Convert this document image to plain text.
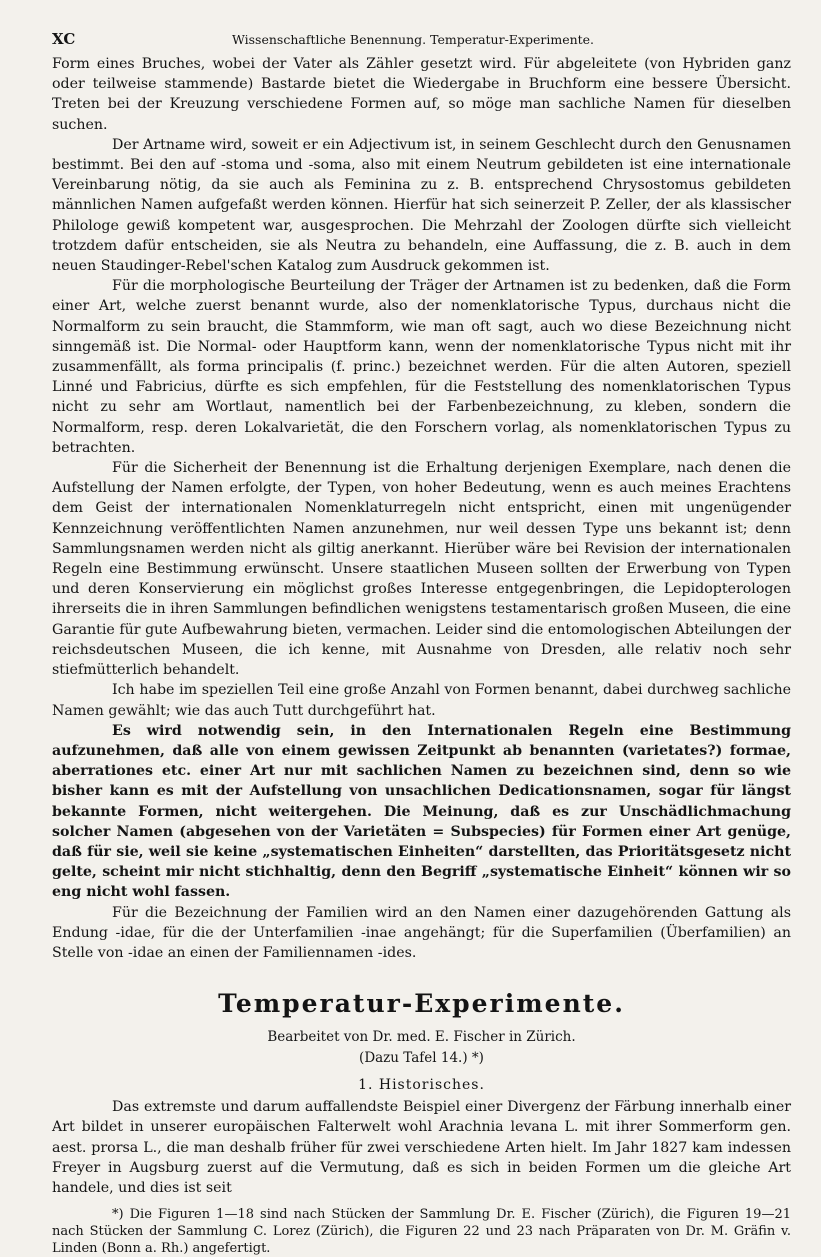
XC	Wissenschaftliche Benennung. Temperatur-Experimente.

Form eines Bruches, wobei der Vater als Zähler gesetzt wird. Für abgeleitete (von Hybriden ganz oder teilweise stammende) Bastarde bietet die Wiedergabe in Bruchform eine bessere Übersicht. Treten bei der Kreuzung verschiedene Formen auf, so möge man sachliche Namen für dieselben suchen.

Der Artname wird, soweit er ein Adjectivum ist, in seinem Geschlecht durch den Genusnamen bestimmt. Bei den auf -stoma und -soma, also mit einem Neutrum gebildeten ist eine internationale Vereinbarung nötig, da sie auch als Feminina zu z. B. entsprechend Chrysostomus gebildeten männlichen Namen aufgefaßt werden können. Hierfür hat sich seinerzeit P. Zeller, der als klassischer Philologe gewiß kompetent war, ausgesprochen. Die Mehrzahl der Zoologen dürfte sich vielleicht trotzdem dafür entscheiden, sie als Neutra zu behandeln, eine Auffassung, die z. B. auch in dem neuen Staudinger-Rebel'schen Katalog zum Ausdruck gekommen ist.

Für die morphologische Beurteilung der Träger der Artnamen ist zu bedenken, daß die Form einer Art, welche zuerst benannt wurde, also der nomenklatorische Typus, durchaus nicht die Normalform zu sein braucht, die Stammform, wie man oft sagt, auch wo diese Bezeichnung nicht sinngemäß ist. Die Normal- oder Hauptform kann, wenn der nomenklatorische Typus nicht mit ihr zusammenfällt, als forma principalis (f. princ.) bezeichnet werden. Für die alten Autoren, speziell Linné und Fabricius, dürfte es sich empfehlen, für die Feststellung des nomenklatorischen Typus nicht zu sehr am Wortlaut, namentlich bei der Farbenbezeichnung, zu kleben, sondern die Normalform, resp. deren Lokalvarietät, die den Forschern vorlag, als nomenklatorischen Typus zu betrachten.

Für die Sicherheit der Benennung ist die Erhaltung derjenigen Exemplare, nach denen die Aufstellung der Namen erfolgte, der Typen, von hoher Bedeutung, wenn es auch meines Erachtens dem Geist der internationalen Nomenklaturregeln nicht entspricht, einen mit ungenügender Kennzeichnung veröffentlichten Namen anzunehmen, nur weil dessen Type uns bekannt ist; denn Sammlungsnamen werden nicht als giltig anerkannt. Hierüber wäre bei Revision der internationalen Regeln eine Bestimmung erwünscht. Unsere staatlichen Museen sollten der Erwerbung von Typen und deren Konservierung ein möglichst großes Interesse entgegenbringen, die Lepidopterologen ihrerseits die in ihren Sammlungen befindlichen wenigstens testamentarisch großen Museen, die eine Garantie für gute Aufbewahrung bieten, vermachen. Leider sind die entomologischen Abteilungen der reichsdeutschen Museen, die ich kenne, mit Ausnahme von Dresden, alle relativ noch sehr stiefmütterlich behandelt.

Ich habe im speziellen Teil eine große Anzahl von Formen benannt, dabei durchweg sachliche Namen gewählt; wie das auch Tutt durchgeführt hat.

Es wird notwendig sein, in den Internationalen Regeln eine Bestimmung aufzunehmen, daß alle von einem gewissen Zeitpunkt ab benannten (varietates?) formae, aberrationes etc. einer Art nur mit sachlichen Namen zu bezeichnen sind, denn so wie bisher kann es mit der Aufstellung von unsachlichen Dedicationsnamen, sogar für längst bekannte Formen, nicht weitergehen. Die Meinung, daß es zur Unschädlichmachung solcher Namen (abgesehen von der Varietäten = Subspecies) für Formen einer Art genüge, daß für sie, weil sie keine „systematischen Einheiten“ darstellten, das Prioritätsgesetz nicht gelte, scheint mir nicht stichhaltig, denn den Begriff „systematische Einheit“ können wir so eng nicht wohl fassen.

Für die Bezeichnung der Familien wird an den Namen einer dazugehörenden Gattung als Endung -idae, für die der Unterfamilien -inae angehängt; für die Superfamilien (Überfamilien) an Stelle von -idae an einen der Familiennamen -ides.

Temperatur-Experimente.
Bearbeitet von Dr. med. E. Fischer in Zürich.
(Dazu Tafel 14.) *)
1. Historisches.

Das extremste und darum auffallendste Beispiel einer Divergenz der Färbung innerhalb einer Art bildet in unserer europäischen Falterwelt wohl Arachnia levana L. mit ihrer Sommerform gen. aest. prorsa L., die man deshalb früher für zwei verschiedene Arten hielt. Im Jahr 1827 kam indessen Freyer in Augsburg zuerst auf die Vermutung, daß es sich in beiden Formen um die gleiche Art handele, und dies ist seit

*) Die Figuren 1—18 sind nach Stücken der Sammlung Dr. E. Fischer (Zürich), die Figuren 19—21 nach Stücken der Sammlung C. Lorez (Zürich), die Figuren 22 und 23 nach Präparaten von Dr. M. Gräfin v. Linden (Bonn a. Rh.) angefertigt.
